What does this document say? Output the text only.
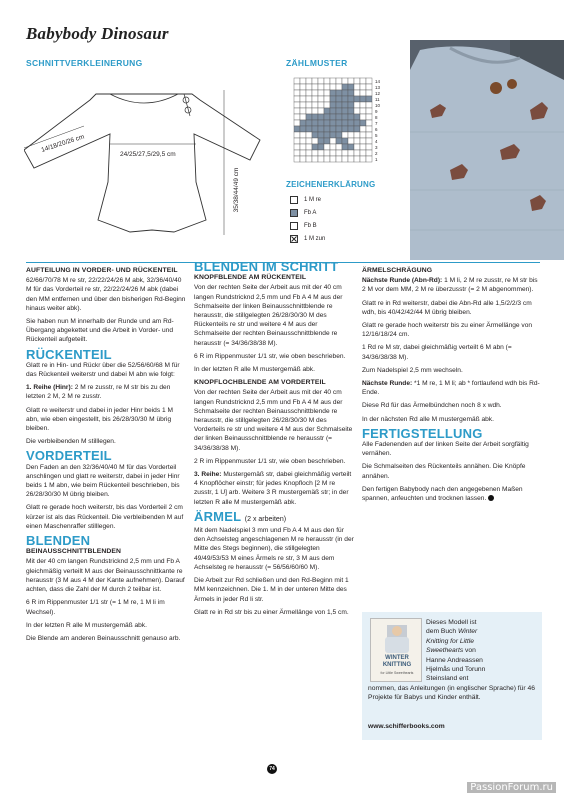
Babybody Dinosaur
SCHNITTVERKLEINERUNG
14/18/20/26 cm
24/25/27,5/29,5 cm
35/38/44/49 cm
ZÄHLMUSTER
14
13
12
11
10
9
8
7
6
5
4
3
2
1
ZEICHENERKLÄRUNG
1 M re
Fb A
Fb B
1 M zun
AUFTEILUNG IN VORDER- UND RÜCKENTEIL

62/66/70/78 M re str, 22/22/24/26 M abk, 32/36/40/40 M für das Vorderteil re str, 22/22/24/26 M abk (dabei den MM entfernen und über den bisherigen Rd-Beginn hinaus weiter abk).

Sie haben nun M innerhalb der Runde und am Rd-Übergang abgekettet und die Arbeit in Vorder- und Rückenteil aufgeteilt.

RÜCKENTEIL

Glatt re in Hin- und Rückr über die 52/56/60/68 M für das Rückenteil weiterstr und dabei M abn wie folgt:

1. Reihe (Hinr): 2 M re zusstr, re M str bis zu den letzten 2 M, 2 M re zusstr.

Glatt re weiterstr und dabei in jeder Hinr beids 1 M abn, wie eben eingestellt, bis 26/28/30/30 M übrig bleiben.

Die verbleibenden M stilllegen.

VORDERTEIL

Den Faden an den 32/36/40/40 M für das Vorderteil anschlingen und glatt re weiterstr, dabei in jeder Hinr beids 1 M abn, wie beim Rückenteil beschrieben, bis 26/28/30/30 M übrig bleiben.

Glatt re gerade hoch weiterstr, bis das Vorderteil 2 cm kürzer ist als das Rückenteil. Die verbleibenden M auf einen Maschenraffer stilllegen.

BLENDEN
BEINAUSSCHNITTBLENDEN

Mit der 40 cm langen Rundstricknd 2,5 mm und Fb A gleichmäßig verteilt M aus der Beinausschnittkante re herausstr (3 M aus 4 M der Kante aufnehmen). Darauf achten, dass die Zahl der M durch 2 teilbar ist.

6 R im Rippenmuster 1/1 str (= 1 M re, 1 M li im Wechsel).

In der letzten R alle M mustergemäß abk.

Die Blende am anderen Beinausschnitt genauso arb.

BLENDEN IM SCHRITT
KNOPFBLENDE AM RÜCKENTEIL

Von der rechten Seite der Arbeit aus mit der 40 cm langen Rundstricknd 2,5 mm und Fb A 4 M aus der Schmalseite der linken Beinausschnittblende re herausstr, die stillgelegten 26/28/30/30 M des Rückenteils re str und weitere 4 M aus der Schmalseite der rechten Beinausschnittblende re herausstr (= 34/36/38/38 M).

6 R im Rippenmuster 1/1 str, wie oben beschrieben.

In der letzten R alle M mustergemäß abk.

KNOPFLOCHBLENDE AM VORDERTEIL

Von der rechten Seite der Arbeit aus mit der 40 cm langen Rundstricknd 2,5 mm und Fb A 4 M aus der Schmalseite der rechten Beinausschnittblende re herausstr, die stillgelegten 26/28/30/30 M des Vorderteils re str und weitere 4 M aus der Schmalseite der linken Beinausschnittblende re herausstr (= 34/36/38/38 M).

2 R im Rippenmuster 1/1 str, wie oben beschrieben.

3. Reihe: Mustergemäß str, dabei gleichmäßig verteilt 4 Knopflöcher einstr; für jedes Knopfloch [2 M re zusstr, 1 U] arb. Weitere 3 R mustergemäß str; in der letzten R alle M mustergemäß abk.

ÄRMEL (2 x arbeiten)

Mit dem Nadelspiel 3 mm und Fb A 4 M aus den für den Achselsteg angeschlagenen M re herausstr (in der Mitte des Stegs beginnen), die stillgelegten 49/49/53/53 M eines Ärmels re str, 3 M aus dem Achselsteg re herausstr (= 56/56/60/60 M).

Die Arbeit zur Rd schließen und den Rd-Beginn mit 1 MM kennzeichnen. Die 1. M in der unteren Mitte des Ärmels in jeder Rd li str.

Glatt re in Rd str bis zu einer Ärmellänge von 1,5 cm.

ÄRMELSCHRÄGUNG

Nächste Runde (Abn-Rd): 1 M li, 2 M re zusstr, re M str bis 2 M vor dem MM, 2 M re überzusstr (= 2 M abgenommen).

Glatt re in Rd weiterstr, dabei die Abn-Rd alle 1,5/2/2/3 cm wdh, bis 40/42/42/44 M übrig bleiben.

Glatt re gerade hoch weiterstr bis zu einer Ärmellänge von 12/16/18/24 cm.

1 Rd re M str, dabei gleichmäßig verteilt 6 M abn (= 34/36/38/38 M).

Zum Nadelspiel 2,5 mm wechseln.

Nächste Runde: *1 M re, 1 M li; ab * fortlaufend wdh bis Rd-Ende.

Diese Rd für das Ärmelbündchen noch 8 x wdh.

In der nächsten Rd alle M mustergemäß abk.

FERTIGSTELLUNG

Alle Fadenenden auf der linken Seite der Arbeit sorgfältig vernähen.

Die Schmalseiten des Rückenteils annähen. Die Knöpfe annähen.

Den fertigen Babybody nach den angegebenen Maßen spannen, anfeuchten und trocknen lassen.

WINTER KNITTING
for Little Sweethearts
Dieses Modell ist
dem Buch Winter
Knitting for Little
Sweethearts von
Hanne Andreassen
Hjelmås und Torunn
Steinsland ent
nommen, das Anleitungen (in englischer Sprache) für 46 Projekte für Babys und Kinder enthält.
www.schifferbooks.com
74
PassionForum.ru
